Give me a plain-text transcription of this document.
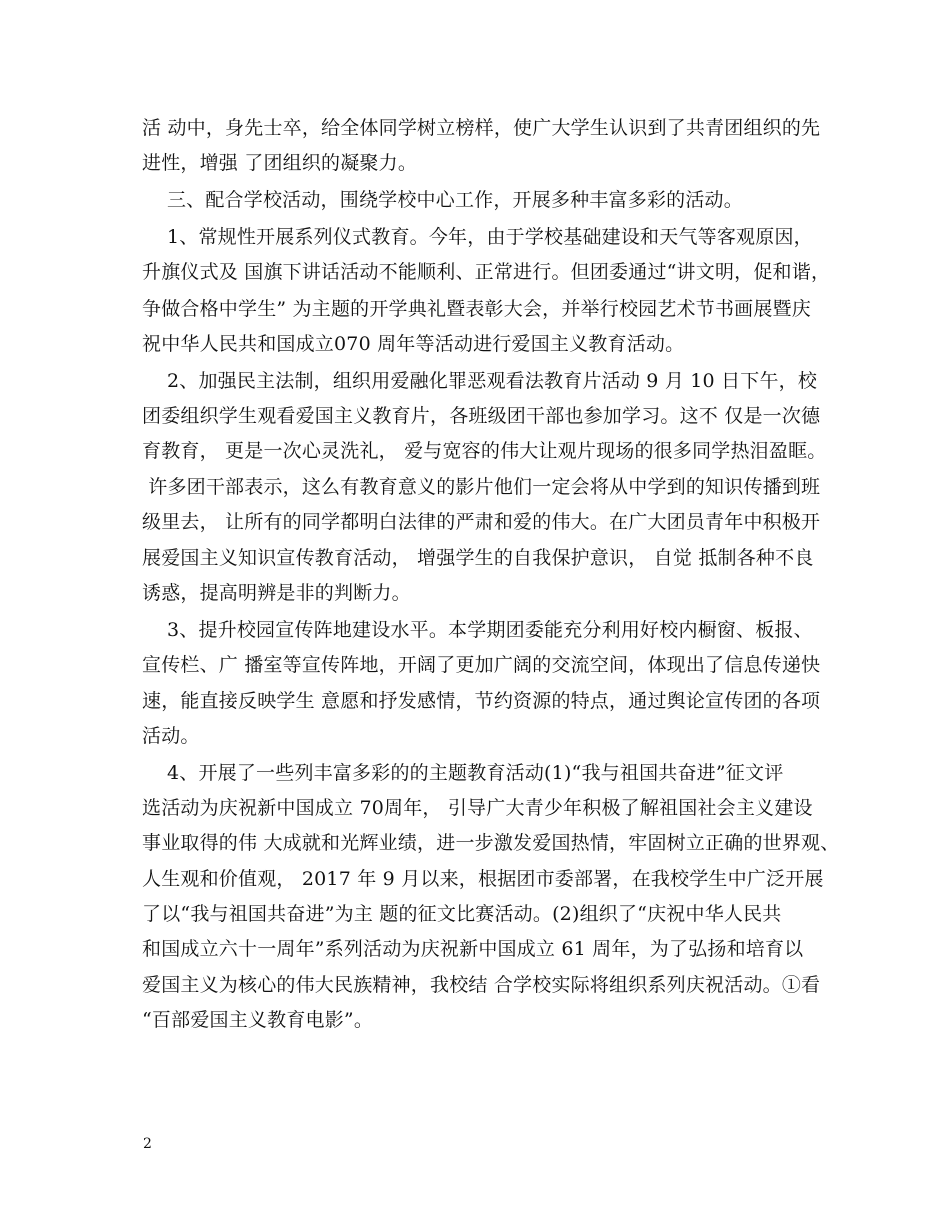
活 动中，身先士卒，给全体同学树立榜样，使广大学生认识到了共青团组织的先
进性，增强 了团组织的凝聚力。
三、配合学校活动，围绕学校中心工作，开展多种丰富多彩的活动。
1、常规性开展系列仪式教育。今年，由于学校基础建设和天气等客观原因，
升旗仪式及 国旗下讲话活动不能顺利、正常进行。但团委通过“讲文明，促和谐，
争做合格中学生” 为主题的开学典礼暨表彰大会，并举行校园艺术节书画展暨庆
祝中华人民共和国成立070 周年等活动进行爱国主义教育活动。
2、加强民主法制，组织用爱融化罪恶观看法教育片活动 9 月 10 日下午，校
团委组织学生观看爱国主义教育片，各班级团干部也参加学习。这不 仅是一次德
育教育， 更是一次心灵洗礼， 爱与宽容的伟大让观片现场的很多同学热泪盈眶。
许多团干部表示，这么有教育意义的影片他们一定会将从中学到的知识传播到班
级里去， 让所有的同学都明白法律的严肃和爱的伟大。在广大团员青年中积极开
展爱国主义知识宣传教育活动， 增强学生的自我保护意识， 自觉 抵制各种不良
诱惑，提高明辨是非的判断力。
3、提升校园宣传阵地建设水平。本学期团委能充分利用好校内橱窗、板报、
宣传栏、广 播室等宣传阵地，开阔了更加广阔的交流空间，体现出了信息传递快
速，能直接反映学生 意愿和抒发感情，节约资源的特点，通过舆论宣传团的各项
活动。
4、开展了一些列丰富多彩的的主题教育活动(1)“我与祖国共奋进”征文评
选活动为庆祝新中国成立 70周年， 引导广大青少年积极了解祖国社会主义建设
事业取得的伟 大成就和光辉业绩，进一步激发爱国热情，牢固树立正确的世界观、
人生观和价值观， 2017 年 9 月以来，根据团市委部署，在我校学生中广泛开展
了以“我与祖国共奋进”为主 题的征文比赛活动。(2)组织了“庆祝中华人民共
和国成立六十一周年”系列活动为庆祝新中国成立 61 周年，为了弘扬和培育以
爱国主义为核心的伟大民族精神，我校结 合学校实际将组织系列庆祝活动。①看
“百部爱国主义教育电影”。
2
